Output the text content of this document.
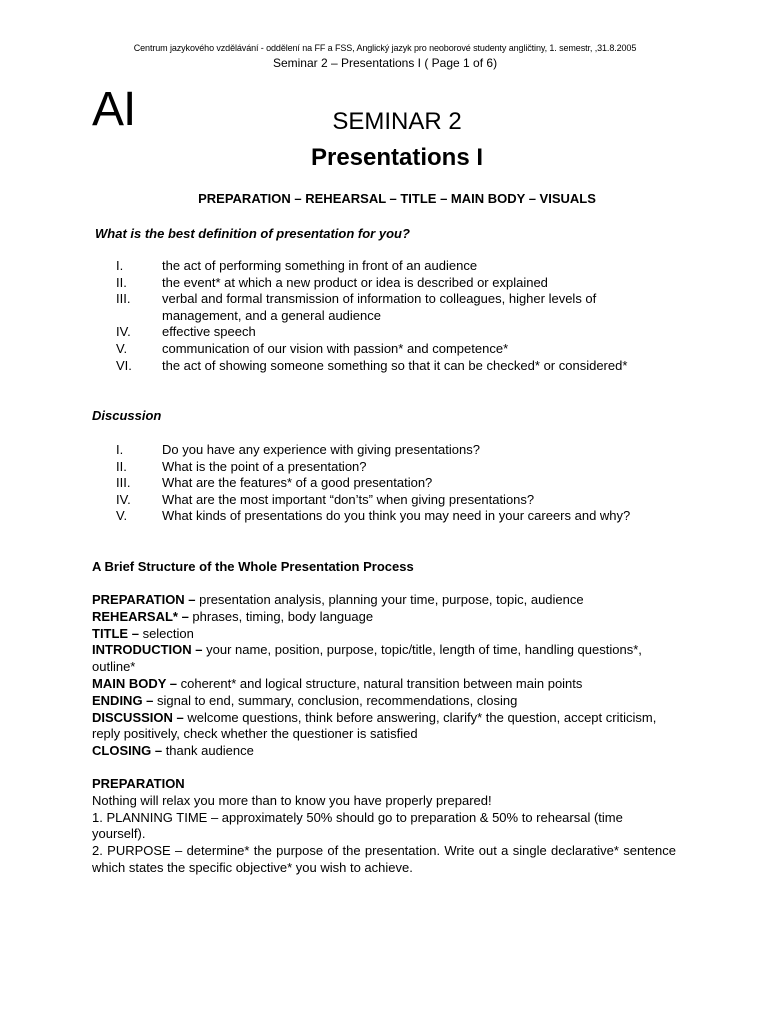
Centrum jazykového vzdělávání - oddělení na FF a FSS, Anglický jazyk pro neoborové studenty angličtiny, 1. semestr, ,31.8.2005
Seminar 2 – Presentations I ( Page 1 of 6)
AI	SEMINAR 2
Presentations I
PREPARATION – REHEARSAL – TITLE – MAIN BODY – VISUALS
What is the best definition of presentation for you?
I.	the act of performing something in front of an audience
II.	the event* at which a new product or idea is described or explained
III. verbal and formal transmission of information to colleagues, higher levels of management, and a general audience
IV. effective speech
V.	communication of our vision with passion* and competence*
VI. the act of showing someone something so that it can be checked* or considered*
Discussion
I.	Do you have any experience with giving presentations?
II.	What is the point of a presentation?
III. What are the features* of a good presentation?
IV. What are the most important “don’ts” when giving presentations?
V.	What kinds of presentations do you think you may need in your careers and why?
A Brief Structure of the Whole Presentation Process
PREPARATION – presentation analysis, planning your time, purpose, topic, audience
REHEARSAL* – phrases, timing, body language
TITLE – selection
INTRODUCTION – your name, position, purpose, topic/title, length of time, handling questions*, outline*
MAIN BODY – coherent* and logical structure, natural transition between main points
ENDING – signal to end, summary, conclusion, recommendations, closing
DISCUSSION – welcome questions, think before answering, clarify* the question, accept criticism, reply positively, check whether the questioner is satisfied
CLOSING – thank audience
PREPARATION
Nothing will relax you more than to know you have properly prepared!
1. PLANNING TIME – approximately 50% should go to preparation & 50% to rehearsal (time yourself).
2. PURPOSE – determine* the purpose of the presentation. Write out a single declarative* sentence which states the specific objective* you wish to achieve.
